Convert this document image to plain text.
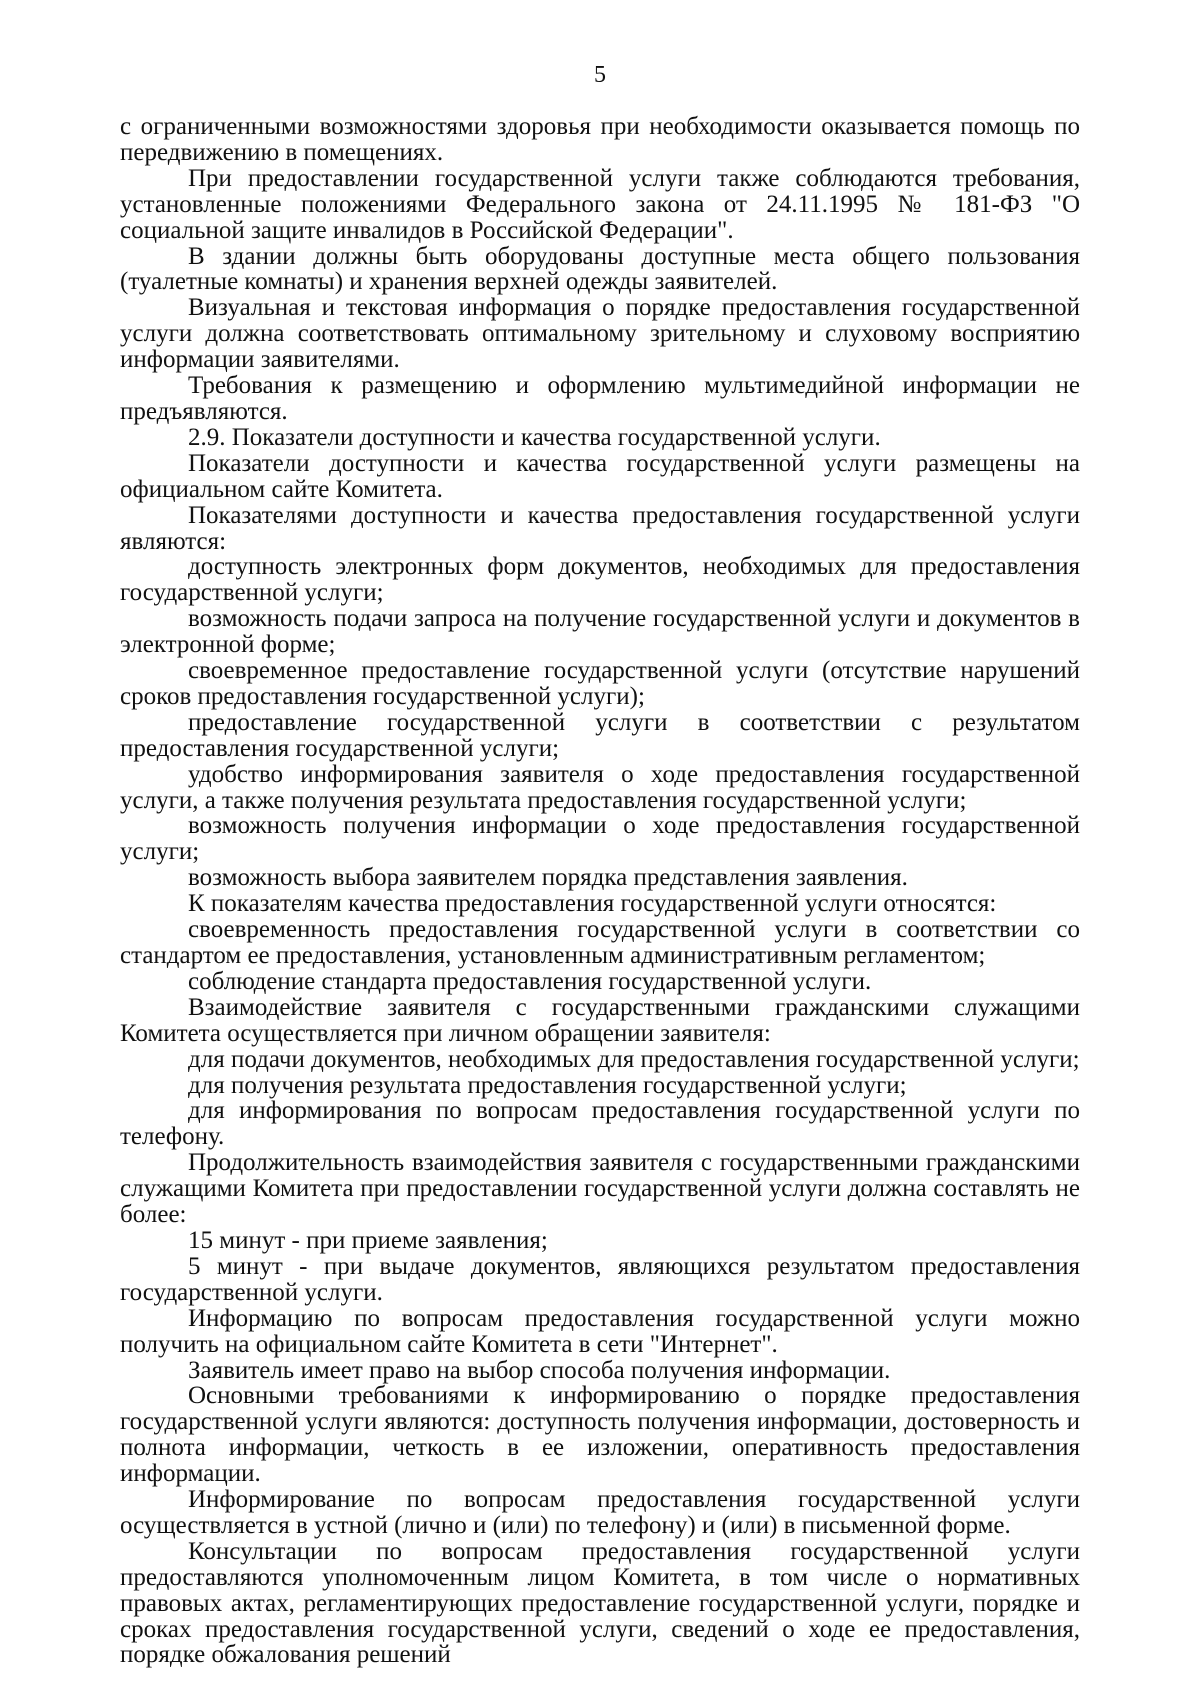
5

с ограниченными возможностями здоровья при необходимости оказывается помощь по передвижению в помещениях.

При предоставлении государственной услуги также соблюдаются требования, установленные положениями Федерального закона от 24.11.1995 № 181-ФЗ "О социальной защите инвалидов в Российской Федерации".

В здании должны быть оборудованы доступные места общего пользования (туалетные комнаты) и хранения верхней одежды заявителей.

Визуальная и текстовая информация о порядке предоставления государственной услуги должна соответствовать оптимальному зрительному и слуховому восприятию информации заявителями.

Требования к размещению и оформлению мультимедийной информации не предъявляются.

2.9. Показатели доступности и качества государственной услуги.

Показатели доступности и качества государственной услуги размещены на официальном сайте Комитета.

Показателями доступности и качества предоставления государственной услуги являются:

доступность электронных форм документов, необходимых для предоставления государственной услуги;

возможность подачи запроса на получение государственной услуги и документов в электронной форме;

своевременное предоставление государственной услуги (отсутствие нарушений сроков предоставления государственной услуги);

предоставление государственной услуги в соответствии с результатом предоставления государственной услуги;

удобство информирования заявителя о ходе предоставления государственной услуги, а также получения результата предоставления государственной услуги;

возможность получения информации о ходе предоставления государственной услуги;

возможность выбора заявителем порядка представления заявления.

К показателям качества предоставления государственной услуги относятся:

своевременность предоставления государственной услуги в соответствии со стандартом ее предоставления, установленным административным регламентом;

соблюдение стандарта предоставления государственной услуги.

Взаимодействие заявителя с государственными гражданскими служащими Комитета осуществляется при личном обращении заявителя:

для подачи документов, необходимых для предоставления государственной услуги;

для получения результата предоставления государственной услуги;

для информирования по вопросам предоставления государственной услуги по телефону.

Продолжительность взаимодействия заявителя с государственными гражданскими служащими Комитета при предоставлении государственной услуги должна составлять не более:

15 минут - при приеме заявления;

5 минут - при выдаче документов, являющихся результатом предоставления государственной услуги.

Информацию по вопросам предоставления государственной услуги можно получить на официальном сайте Комитета в сети "Интернет".

Заявитель имеет право на выбор способа получения информации.

Основными требованиями к информированию о порядке предоставления государственной услуги являются: доступность получения информации, достоверность и полнота информации, четкость в ее изложении, оперативность предоставления информации.

Информирование по вопросам предоставления государственной услуги осуществляется в устной (лично и (или) по телефону) и (или) в письменной форме.

Консультации по вопросам предоставления государственной услуги предоставляются уполномоченным лицом Комитета, в том числе о нормативных правовых актах, регламентирующих предоставление государственной услуги, порядке и сроках предоставления государственной услуги, сведений о ходе ее предоставления, порядке обжалования решений
